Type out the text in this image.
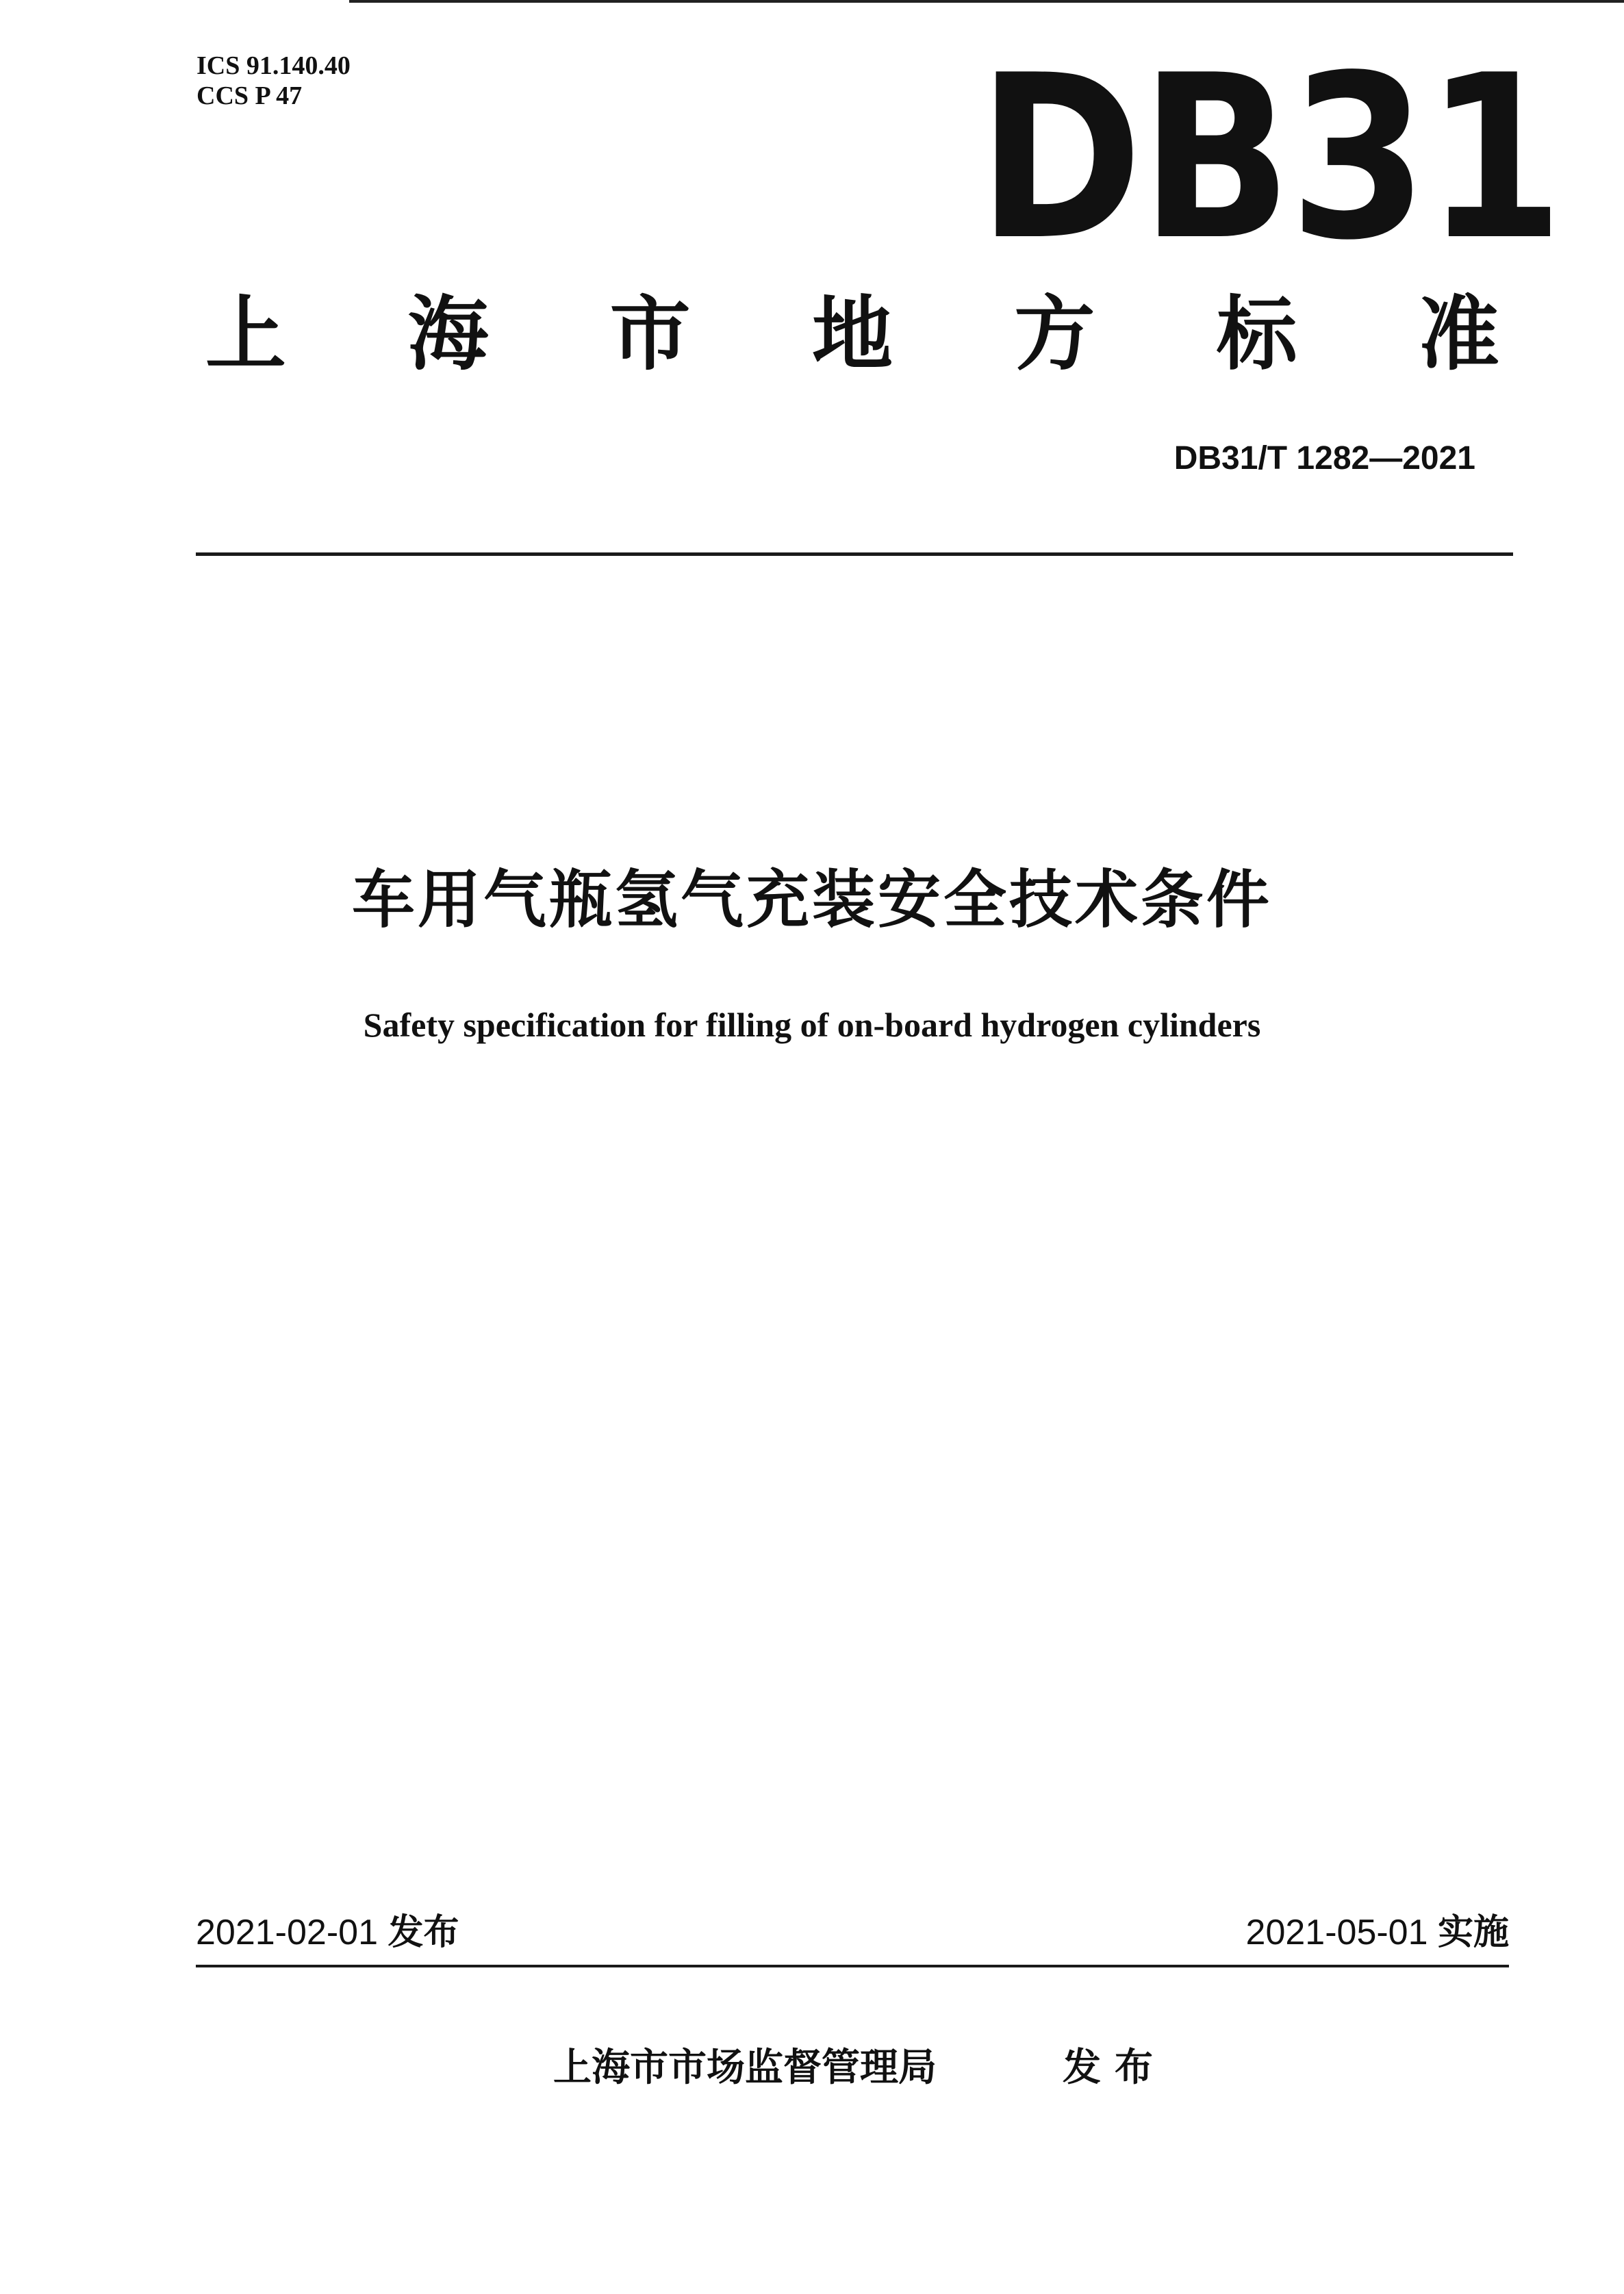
ICS 91.140.40
CCS P 47	DB31
上 海 市 地 方 标 准
DB31/T 1282—2021
车用气瓶氢气充装安全技术条件
Safety specification for filling of on-board hydrogen cylinders
2021-02-01 发布	2021-05-01 实施
上海市市场监督管理局	发布
